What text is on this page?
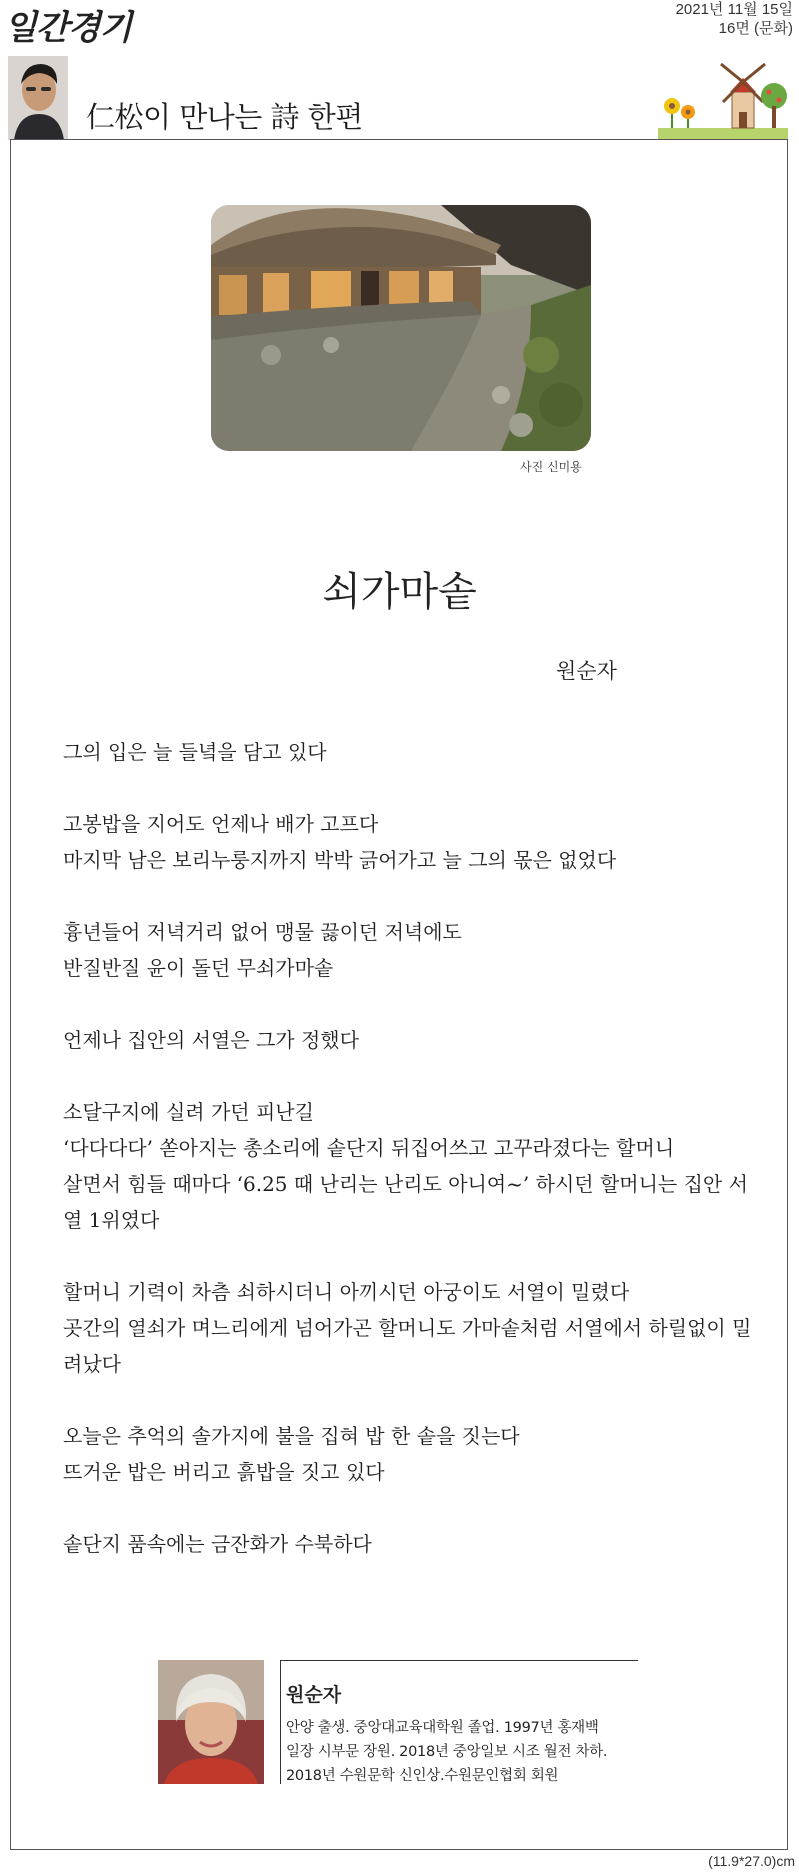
일간경기	2021년 11월 15일
16면 (문화)
仁松이 만나는 詩 한편
사진 신미용
쇠가마솥
원순자
그의 입은 늘 들녘을 담고 있다
고봉밥을 지어도 언제나 배가 고프다
마지막 남은 보리누룽지까지 박박 긁어가고 늘 그의 몫은 없었다
흉년들어 저녁거리 없어 맹물 끓이던 저녁에도
반질반질 윤이 돌던 무쇠가마솥
언제나 집안의 서열은 그가 정했다
소달구지에 실려 가던 피난길
‘다다다다’ 쏟아지는 총소리에 솥단지 뒤집어쓰고 고꾸라졌다는 할머니
살면서 힘들 때마다 ‘6.25 때 난리는 난리도 아니여~’ 하시던 할머니는 집안 서열 1위였다
할머니 기력이 차츰 쇠하시더니 아끼시던 아궁이도 서열이 밀렸다
곳간의 열쇠가 며느리에게 넘어가곤 할머니도 가마솥처럼 서열에서 하릴없이 밀려났다
오늘은 추억의 솔가지에 불을 집혀 밥 한 솥을 짓는다
뜨거운 밥은 버리고 흙밥을 짓고 있다
솥단지 품속에는 금잔화가 수북하다
원순자
안양 출생. 중앙대교육대학원 졸업. 1997년 홍재백
일장 시부문 장원. 2018년 중앙일보 시조 월전 차하.
2018년 수원문학 신인상.수원문인협회 회원
(11.9*27.0)cm
